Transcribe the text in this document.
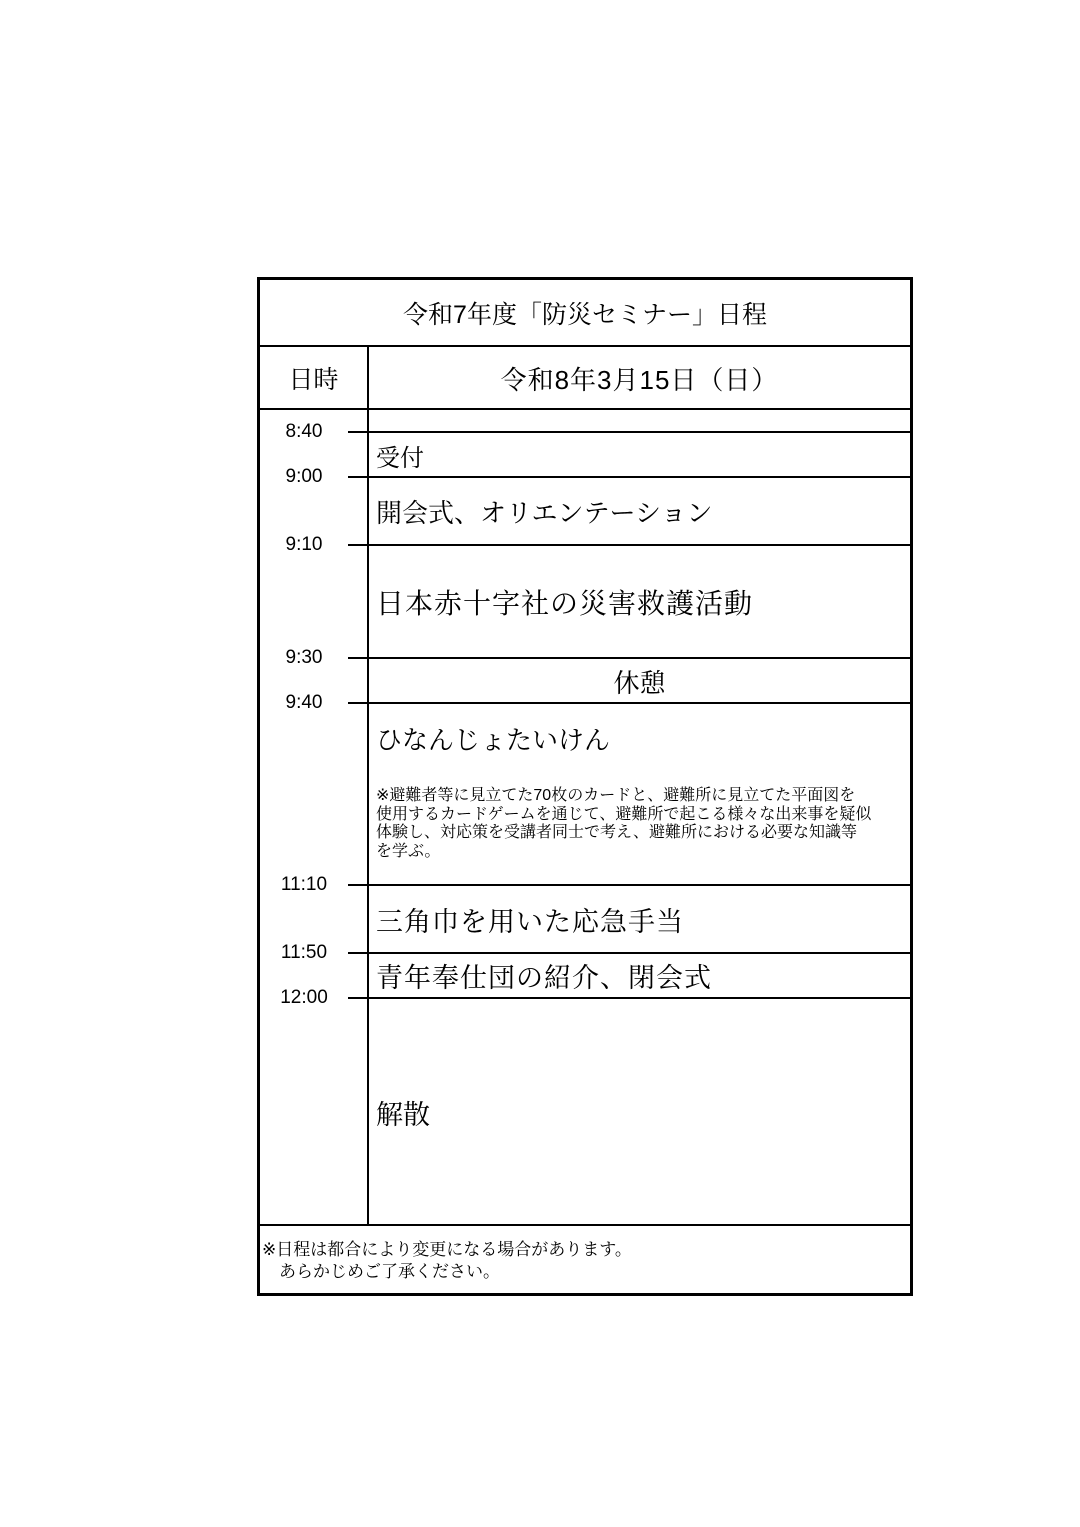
令和7年度「防災セミナー」日程
日時	令和8年3月15日（日）
8:40
9:00
9:10
9:30
9:40
11:10
11:50
12:00
受付
開会式、オリエンテーション
日本赤十字社の災害救護活動
休憩
ひなんじょたいけん
※避難者等に見立てた70枚のカードと、避難所に見立てた平面図を
使用するカードゲームを通じて、避難所で起こる様々な出来事を疑似
体験し、対応策を受講者同士で考え、避難所における必要な知識等
を学ぶ。
三角巾を用いた応急手当
青年奉仕団の紹介、閉会式
解散
※日程は都合により変更になる場合があります。
　あらかじめご了承ください。
